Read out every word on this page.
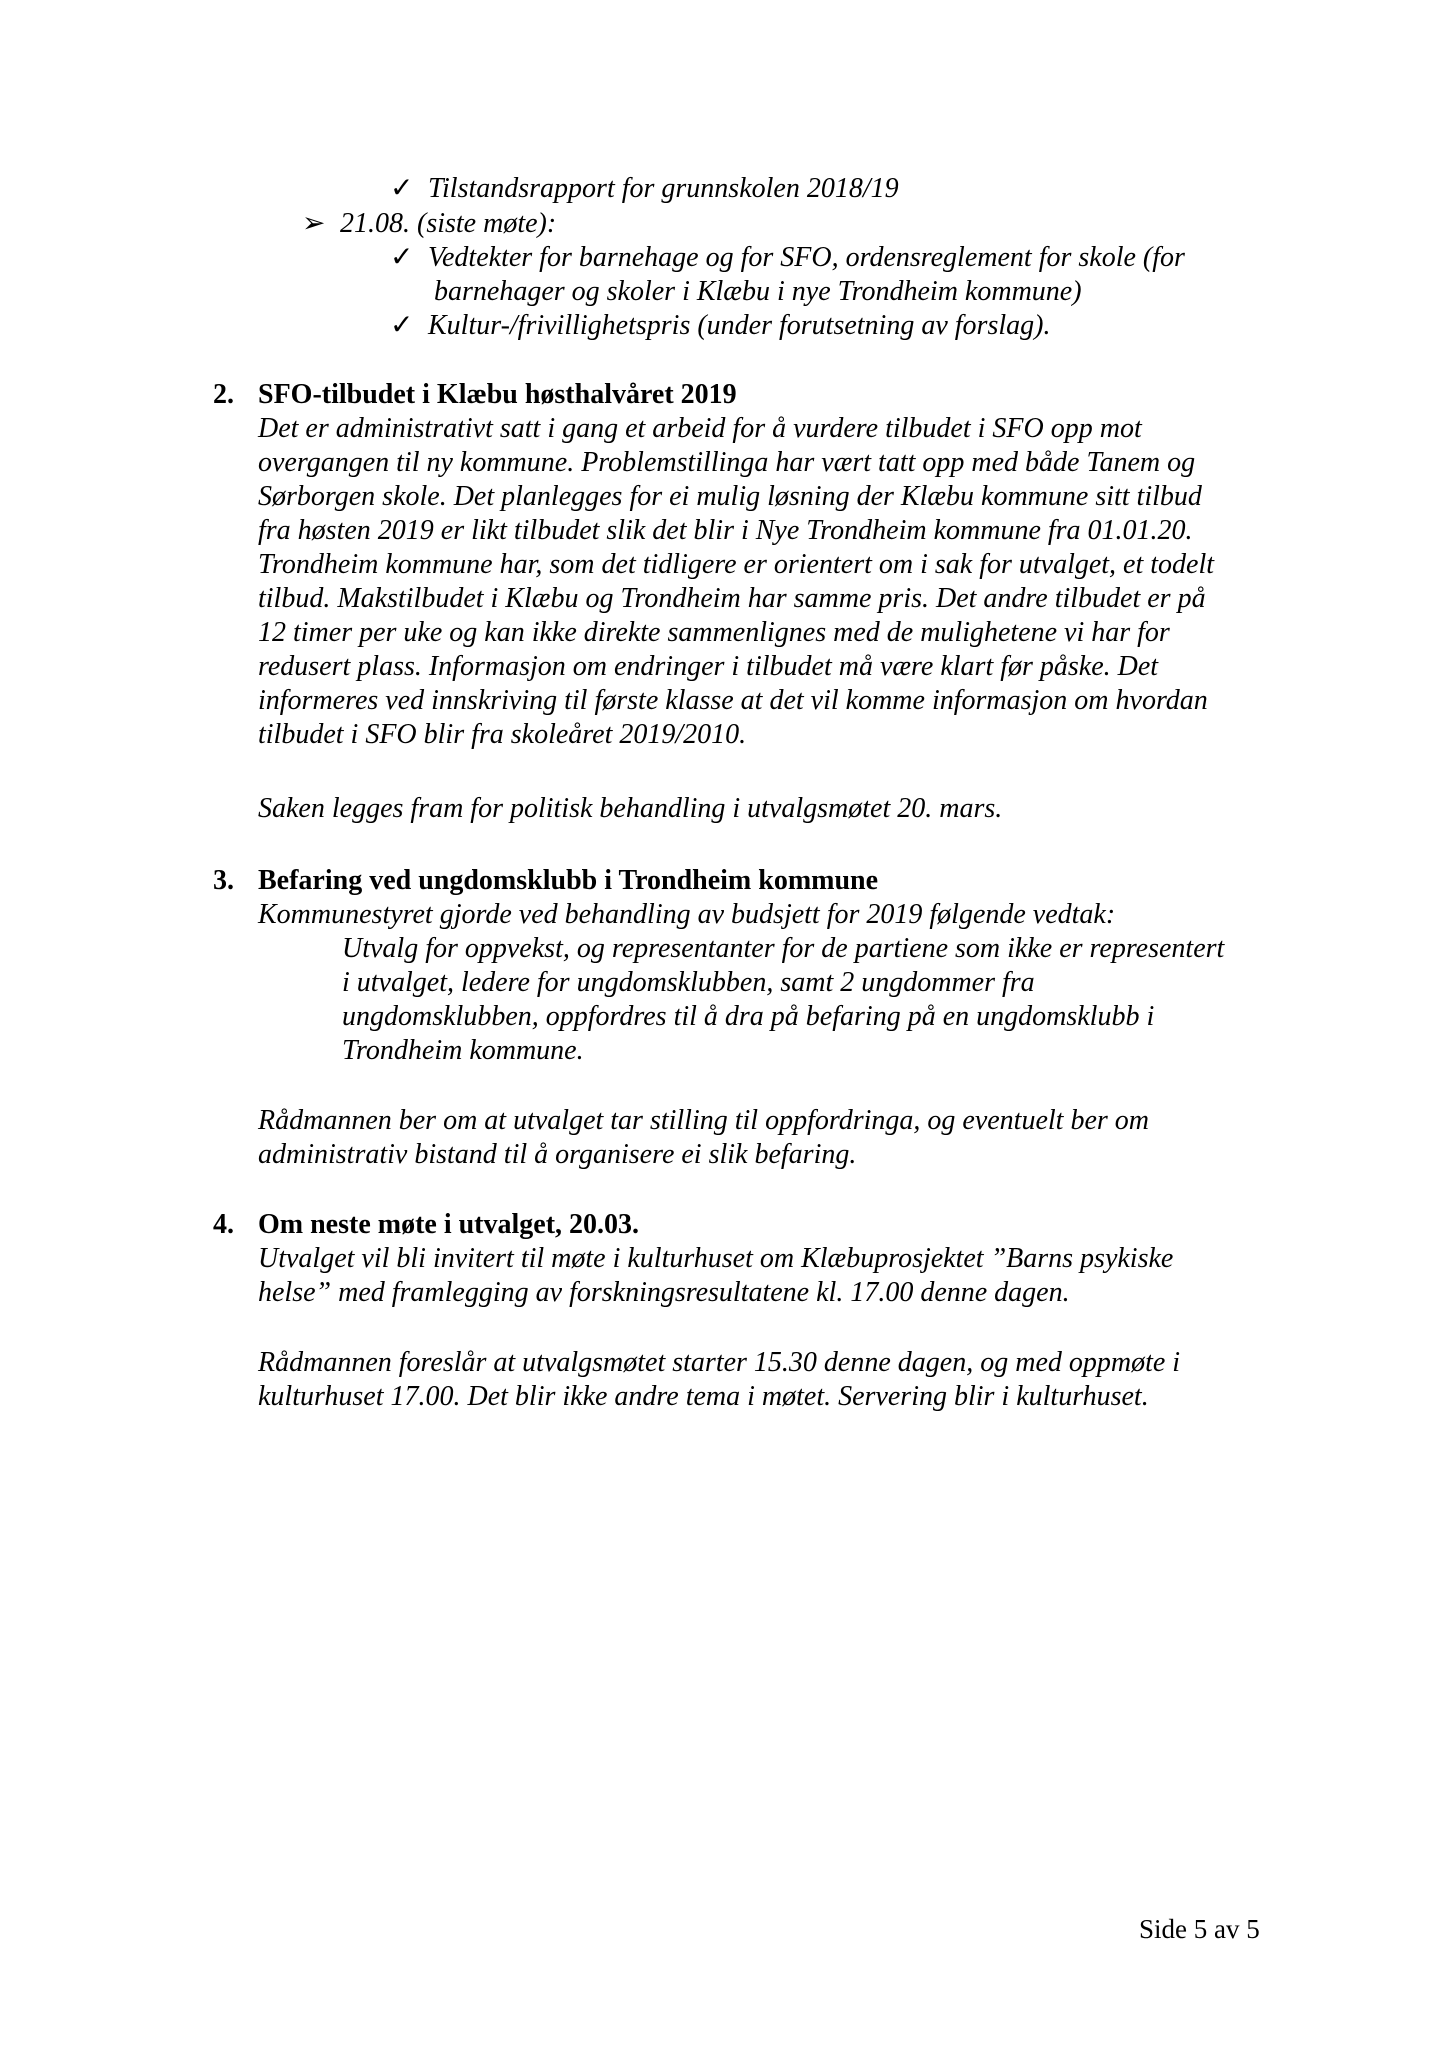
✓ Tilstandsrapport for grunnskolen 2018/19
➢ 21.08. (siste møte):
✓ Vedtekter for barnehage og for SFO, ordensreglement for skole (for
barnehager og skoler i Klæbu i nye Trondheim kommune)
✓ Kultur-/frivillighetspris (under forutsetning av forslag).
2. SFO-tilbudet i Klæbu høsthalvåret 2019
Det er administrativt satt i gang et arbeid for å vurdere tilbudet i SFO opp mot
overgangen til ny kommune. Problemstillinga har vært tatt opp med både Tanem og
Sørborgen skole. Det planlegges for ei mulig løsning der Klæbu kommune sitt tilbud
fra høsten 2019 er likt tilbudet slik det blir i Nye Trondheim kommune fra 01.01.20.
Trondheim kommune har, som det tidligere er orientert om i sak for utvalget, et todelt
tilbud. Makstilbudet i Klæbu og Trondheim har samme pris. Det andre tilbudet er på
12 timer per uke og kan ikke direkte sammenlignes med de mulighetene vi har for
redusert plass. Informasjon om endringer i tilbudet må være klart før påske. Det
informeres ved innskriving til første klasse at det vil komme informasjon om hvordan
tilbudet i SFO blir fra skoleåret 2019/2010.
Saken legges fram for politisk behandling i utvalgsmøtet 20. mars.
3. Befaring ved ungdomsklubb i Trondheim kommune
Kommunestyret gjorde ved behandling av budsjett for 2019 følgende vedtak:
Utvalg for oppvekst, og representanter for de partiene som ikke er representert
i utvalget, ledere for ungdomsklubben, samt 2 ungdommer fra
ungdomsklubben, oppfordres til å dra på befaring på en ungdomsklubb i
Trondheim kommune.
Rådmannen ber om at utvalget tar stilling til oppfordringa, og eventuelt ber om
administrativ bistand til å organisere ei slik befaring.
4. Om neste møte i utvalget, 20.03.
Utvalget vil bli invitert til møte i kulturhuset om Klæbuprosjektet ”Barns psykiske
helse” med framlegging av forskningsresultatene kl. 17.00 denne dagen.
Rådmannen foreslår at utvalgsmøtet starter 15.30 denne dagen, og med oppmøte i
kulturhuset 17.00. Det blir ikke andre tema i møtet. Servering blir i kulturhuset.
Side 5 av 5
